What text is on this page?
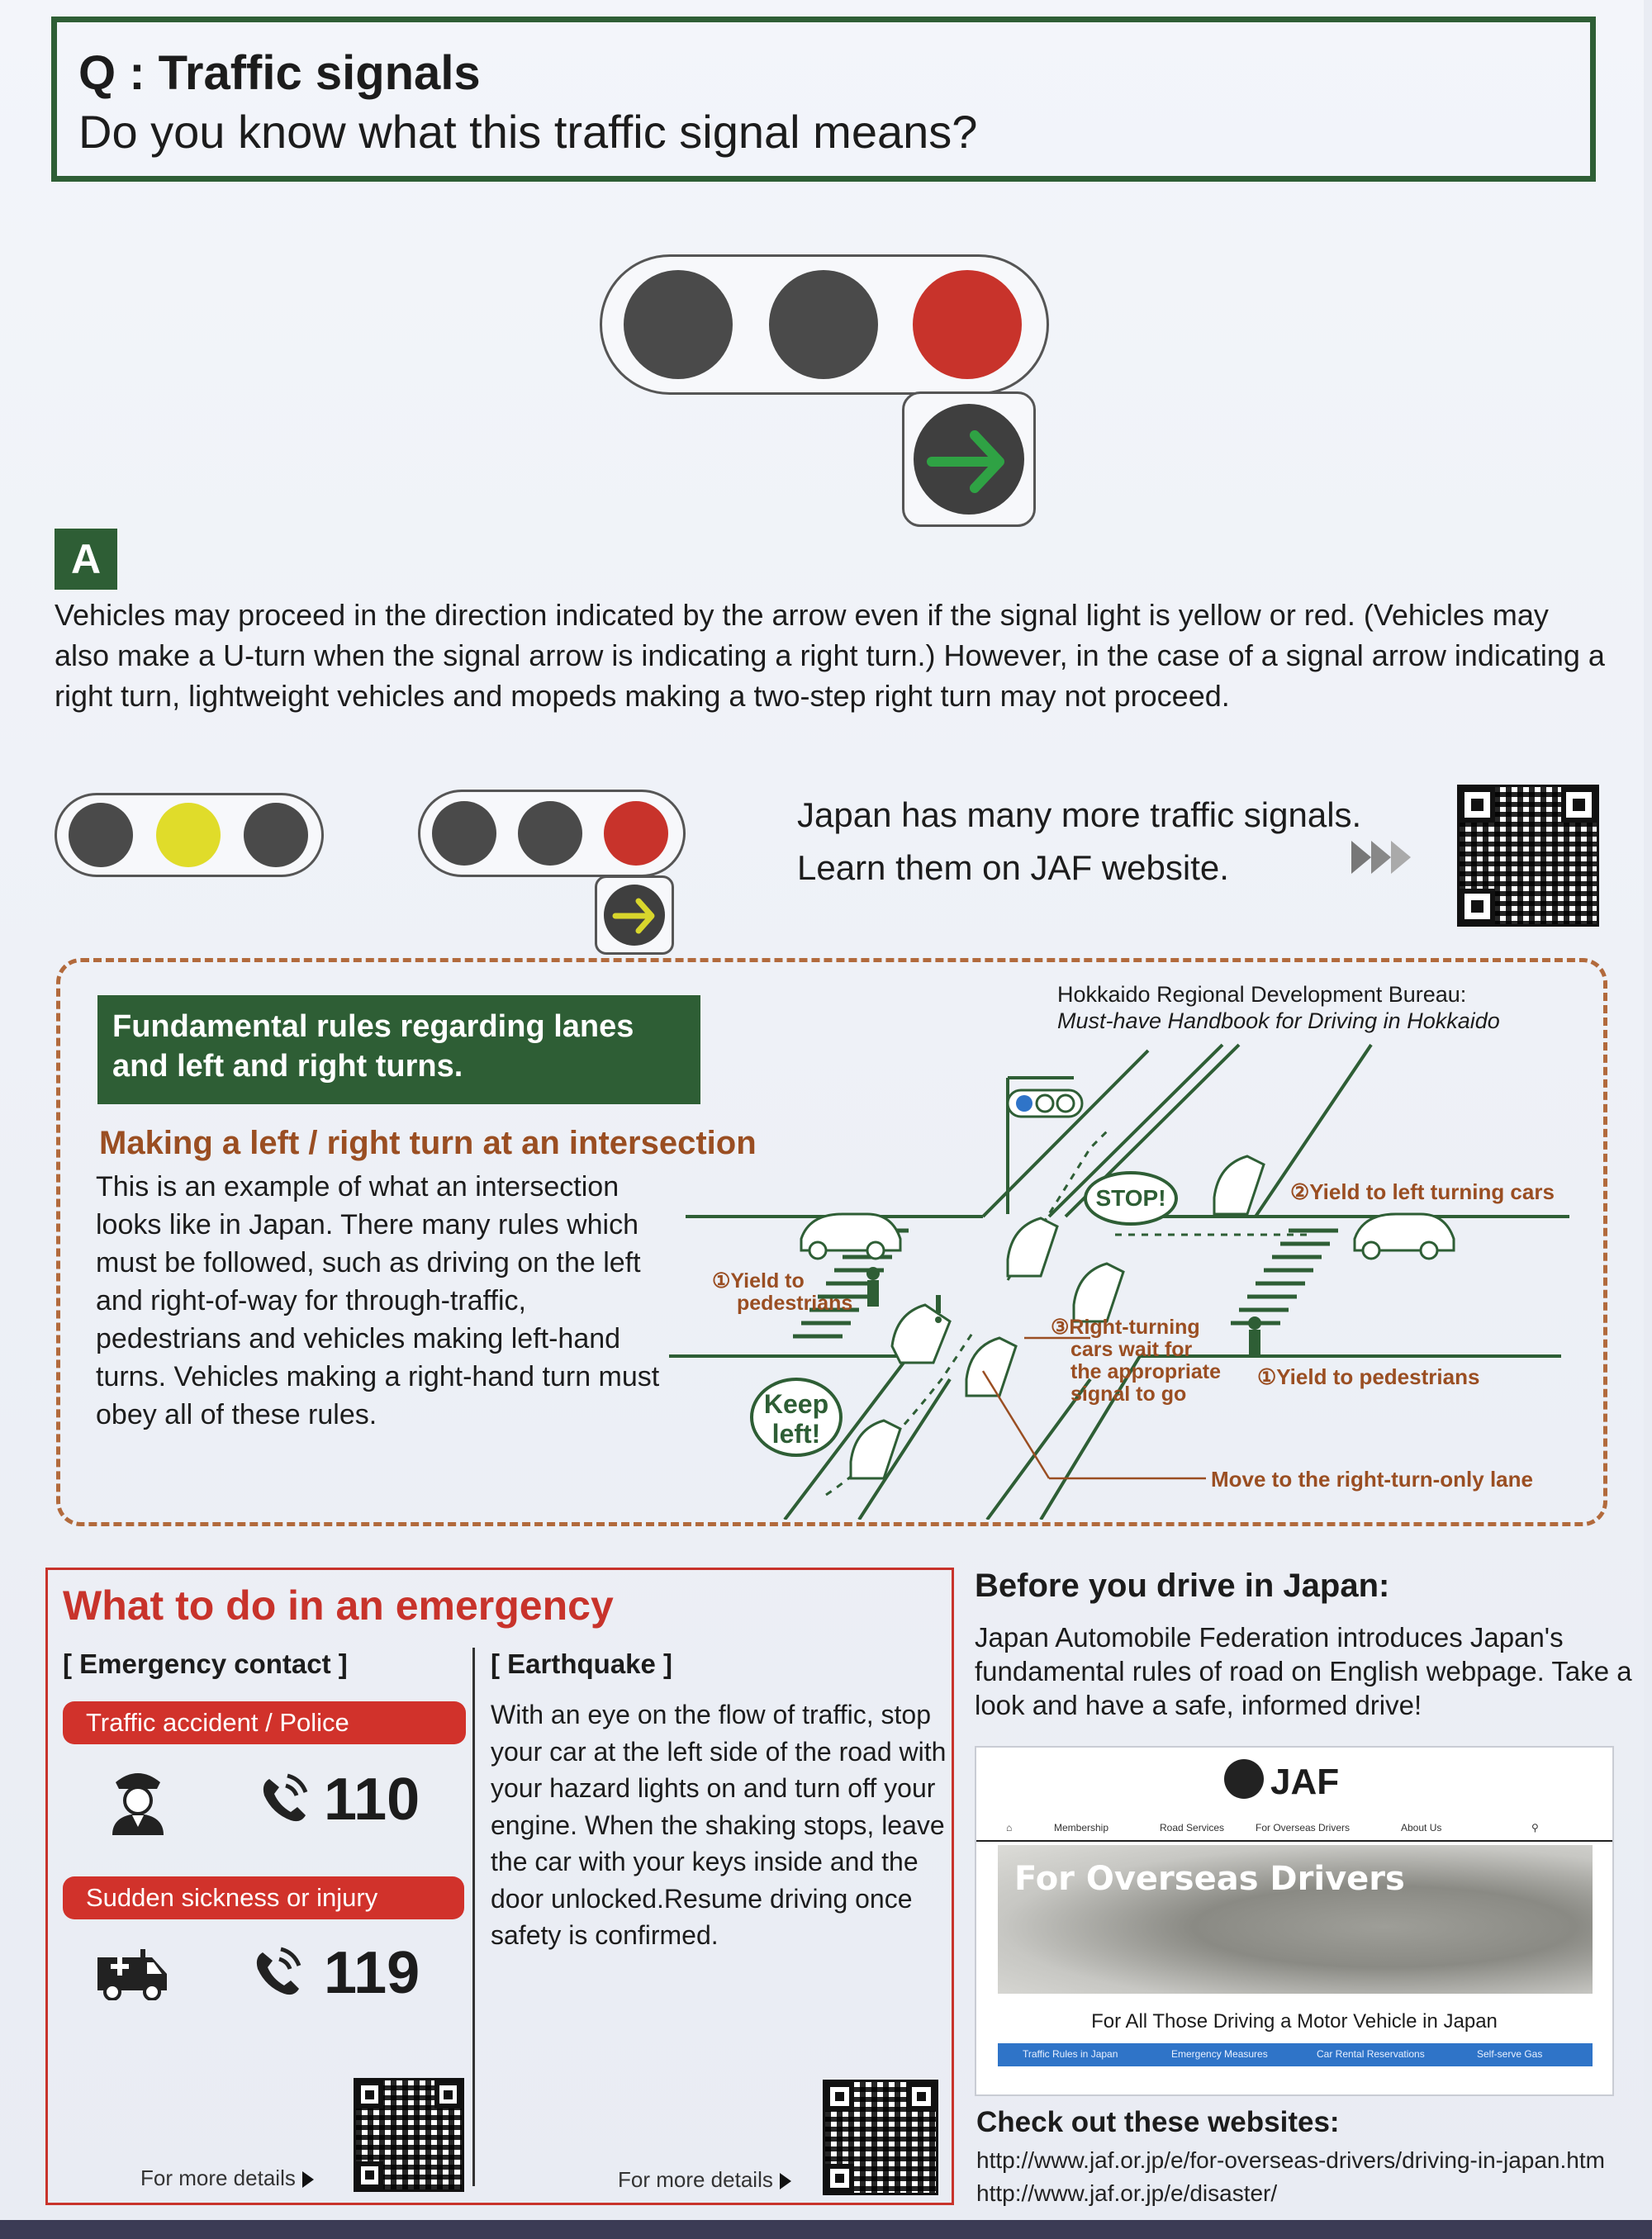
Q : Traffic signals
Do you know what this traffic signal means?
A
Vehicles may proceed in the direction indicated by the arrow even if the signal light is yellow or red. (Vehicles may also make a U-turn when the signal arrow is indicating a right turn.) However, in the case of a signal arrow indicating a right turn, lightweight vehicles and mopeds making a two-step right turn may not proceed.
Japan has many more traffic signals.
Learn them on JAF website.
Fundamental rules regarding lanes
and left and right turns.
Hokkaido Regional Development Bureau:
Must-have Handbook for Driving in Hokkaido
Making a left / right turn at an intersection
This is an example of what an intersection looks like in Japan. There many rules which must be followed, such as driving on the left and right-of-way for through-traffic, pedestrians and vehicles making left-hand turns. Vehicles making a right-hand turn must obey all of these rules.
①Yield to
pedestrians
②Yield to left turning cars
STOP!
Keep
left!
③Right-turning
cars wait for
the appropriate
signal to go
①Yield to pedestrians
Move to the right-turn-only lane
What to do in an emergency
[ Emergency contact ]	[ Earthquake ]
Traffic accident / Police
110
Sudden sickness or injury
119
With an eye on the flow of traffic, stop your car at the left side of the road with your hazard lights on and turn off your engine. When the shaking stops, leave the car with your keys inside and the door unlocked.Resume driving once safety is confirmed.
For more details	For more details
Before you drive in Japan:
Japan Automobile Federation introduces Japan's fundamental rules of road on English webpage. Take a look and have a safe, informed drive!
JAF
⌂	Membership	Road Services	For Overseas Drivers	About Us	⚲
For Overseas Drivers
For All Those Driving a Motor Vehicle in Japan
Traffic Rules in Japan	Emergency Measures	Car Rental Reservations	Self-serve Gas
Check out these websites:
http://www.jaf.or.jp/e/for-overseas-drivers/driving-in-japan.htm
http://www.jaf.or.jp/e/disaster/
